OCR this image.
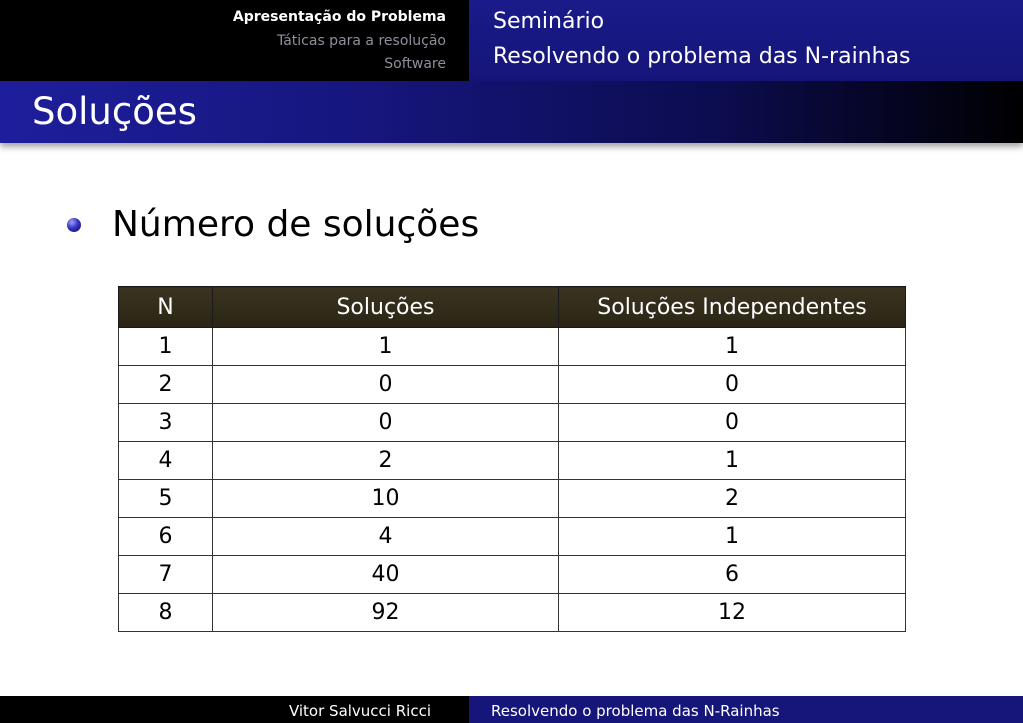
Apresentação do Problema
Táticas para a resolução
Software
Seminário
Resolvendo o problema das N-rainhas
Soluções
Número de soluções
N	Soluções	Soluções Independentes
1	1	1
2	0	0
3	0	0
4	2	1
5	10	2
6	4	1
7	40	6
8	92	12
Vitor Salvucci Ricci	Resolvendo o problema das N-Rainhas
